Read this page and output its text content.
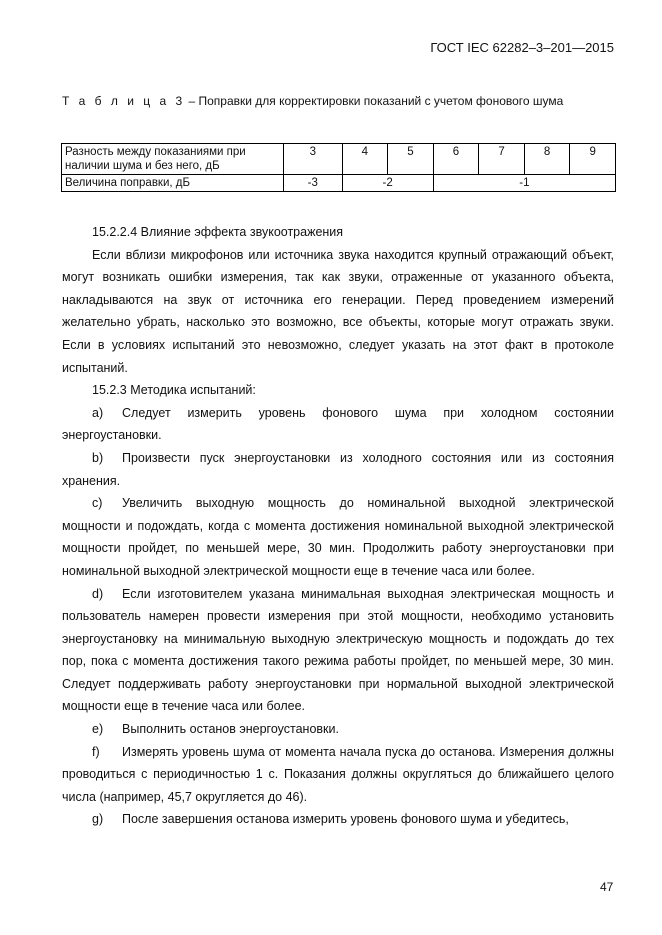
ГОСТ IEC 62282–3–201—2015
Т а б л и ц а 3 – Поправки для корректировки показаний с учетом фонового шума
Разность между показаниями при наличии шума и без него, дБ	3	4	5	6	7	8	9
Величина поправки, дБ	-3	-2		-1			

15.2.2.4 Влияние эффекта звукоотражения

Если вблизи микрофонов или источника звука находится крупный отражающий объект, могут возникать ошибки измерения, так как звуки, отраженные от указанного объекта, накладываются на звук от источника его генерации. Перед проведением измерений желательно убрать, насколько это возможно, все объекты, которые могут отражать звуки. Если в условиях испытаний это невозможно, следует указать на этот факт в протоколе испытаний.

15.2.3 Методика испытаний:

a) Следует измерить уровень фонового шума при холодном состоянии энергоустановки.

b) Произвести пуск энергоустановки из холодного состояния или из состояния хранения.

c) Увеличить выходную мощность до номинальной выходной электрической мощности и подождать, когда с момента достижения номинальной выходной электрической мощности пройдет, по меньшей мере, 30 мин. Продолжить работу энергоустановки при номинальной выходной электрической мощности еще в течение часа или более.

d) Если изготовителем указана минимальная выходная электрическая мощность и пользователь намерен провести измерения при этой мощности, необходимо установить энергоустановку на минимальную выходную электрическую мощность и подождать до тех пор, пока с момента достижения такого режима работы пройдет, по меньшей мере, 30 мин. Следует поддерживать работу энергоустановки при нормальной выходной электрической мощности еще в течение часа или более.

e) Выполнить останов энергоустановки.

f) Измерять уровень шума от момента начала пуска до останова. Измерения должны проводиться с периодичностью 1 с. Показания должны округляться до ближайшего целого числа (например, 45,7 округляется до 46).

g) После завершения останова измерить уровень фонового шума и убедитесь,

47
